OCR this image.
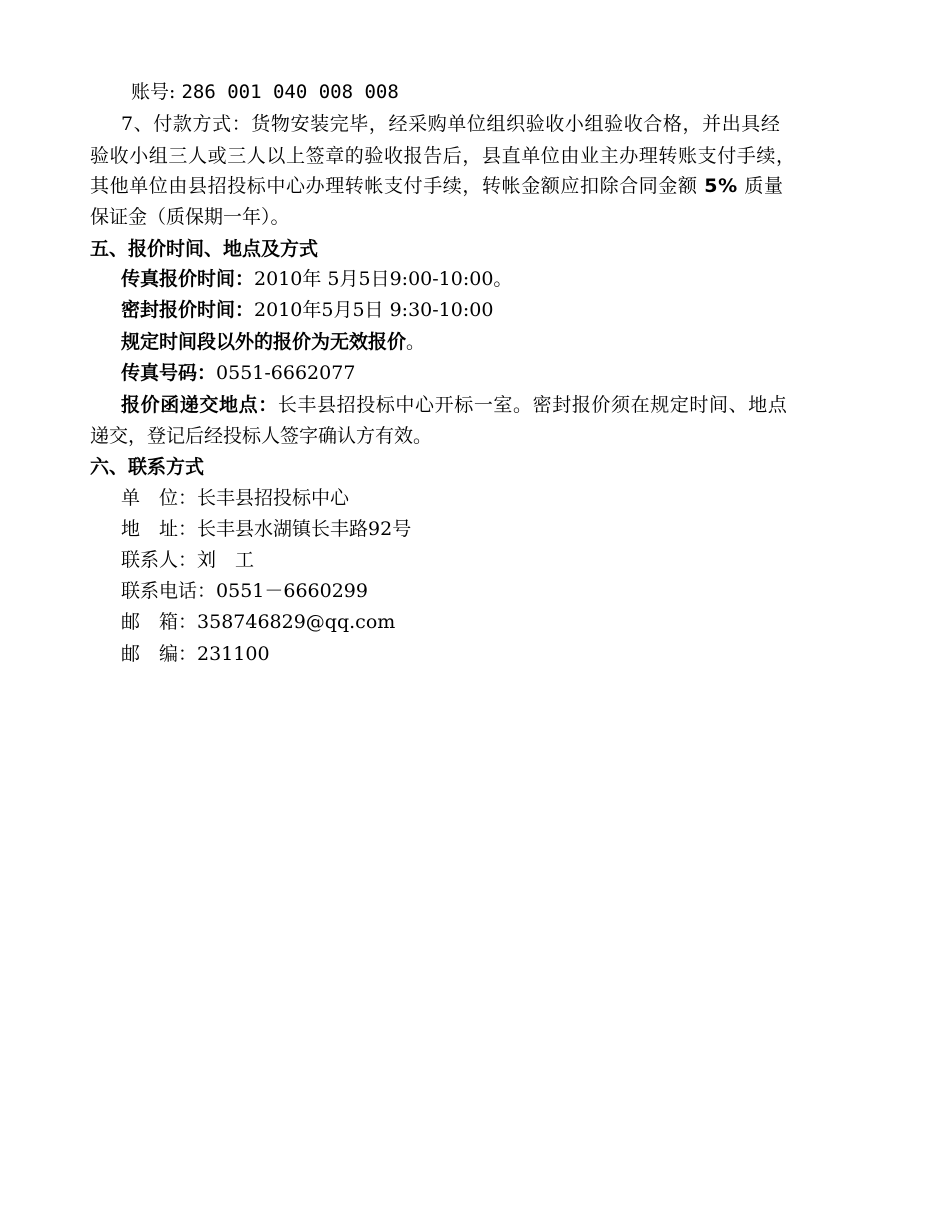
账号: 286 001 040 008 008
7、付款方式：货物安装完毕，经采购单位组织验收小组验收合格，并出具经
验收小组三人或三人以上签章的验收报告后，县直单位由业主办理转账支付手续，
其他单位由县招投标中心办理转帐支付手续，转帐金额应扣除合同金额 5% 质量
保证金（质保期一年）。
五、报价时间、地点及方式
传真报价时间：2010年 5月5日9:00-10:00。
密封报价时间：2010年5月5日 9:30-10:00
规定时间段以外的报价为无效报价。
传真号码：0551-6662077
报价函递交地点：长丰县招投标中心开标一室。密封报价须在规定时间、地点
递交，登记后经投标人签字确认方有效。
六、联系方式
单　位：长丰县招投标中心
地　址：长丰县水湖镇长丰路92号
联系人：刘　工
联系电话：0551－6660299
邮　箱：358746829@qq.com
邮　编：231100
